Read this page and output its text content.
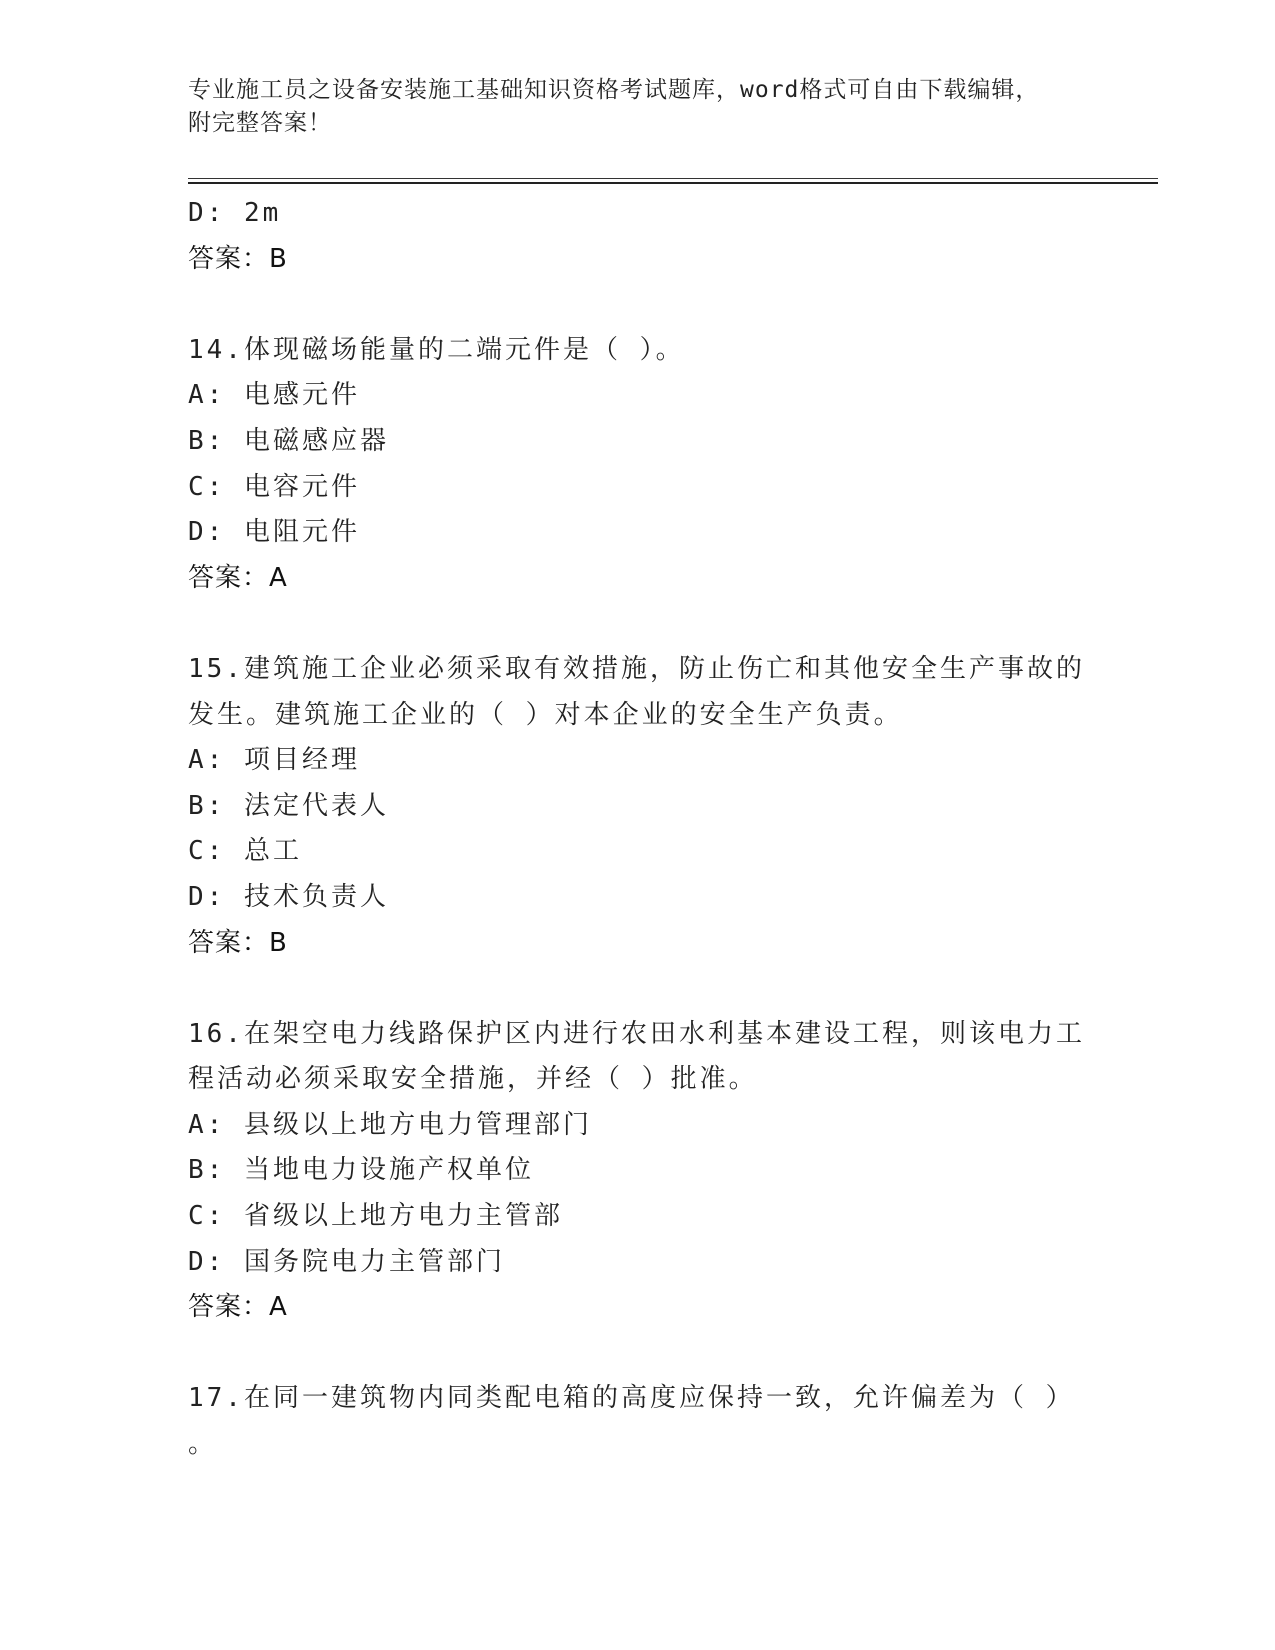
专业施工员之设备安装施工基础知识资格考试题库，word格式可自由下载编辑，
附完整答案！
D: 2m
答案：B
14.体现磁场能量的二端元件是（ ）。
A: 电感元件
B: 电磁感应器
C: 电容元件
D: 电阻元件
答案：A
15.建筑施工企业必须采取有效措施，防止伤亡和其他安全生产事故的
发生。建筑施工企业的（ ）对本企业的安全生产负责。
A: 项目经理
B: 法定代表人
C: 总工
D: 技术负责人
答案：B
16.在架空电力线路保护区内进行农田水利基本建设工程，则该电力工
程活动必须采取安全措施，并经（ ）批准。
A: 县级以上地方电力管理部门
B: 当地电力设施产权单位
C: 省级以上地方电力主管部
D: 国务院电力主管部门
答案：A
17.在同一建筑物内同类配电箱的高度应保持一致，允许偏差为（ ）
。
